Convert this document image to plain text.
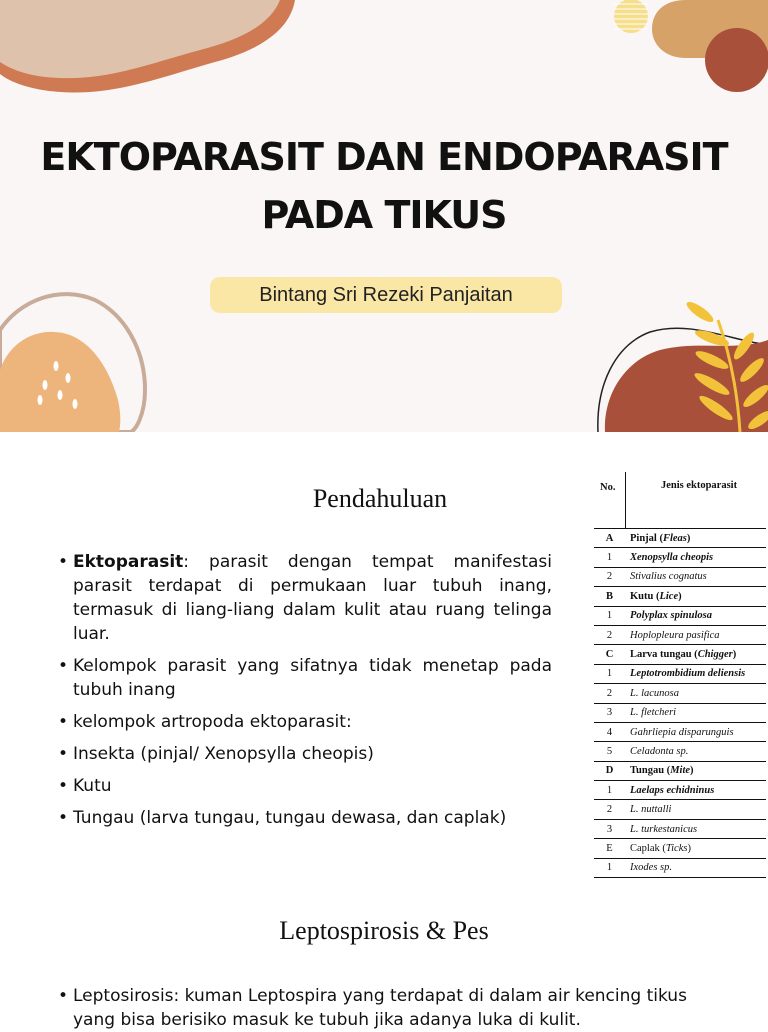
EKTOPARASIT DAN ENDOPARASIT
PADA TIKUS
Bintang Sri Rezeki Panjaitan
Pendahuluan
• Ektoparasit: parasit dengan tempat manifestasi parasit terdapat di permukaan luar tubuh inang, termasuk di liang-liang dalam kulit atau ruang telinga luar.
• Kelompok parasit yang sifatnya tidak menetap pada tubuh inang
• kelompok artropoda ektoparasit:
• Insekta (pinjal/ Xenopsylla cheopis)
• Kutu
• Tungau (larva tungau, tungau dewasa, dan caplak)
No.	Jenis ektoparasit
A	Pinjal (Fleas)
1	Xenopsylla cheopis
2	Stivalius cognatus
B	Kutu (Lice)
1	Polyplax spinulosa
2	Hoplopleura pasifica
C	Larva tungau (Chigger)
1	Leptotrombidium deliensis
2	L. lacunosa
3	L. fletcheri
4	Gahrliepia disparunguis
5	Celadonta sp.
D	Tungau (Mite)
1	Laelaps echidninus
2	L. nuttalli
3	L. turkestanicus
E	Caplak (Ticks)
1	Ixodes sp.
Leptospirosis & Pes
• Leptosirosis: kuman Leptospira yang terdapat di dalam air kencing tikus yang bisa berisiko masuk ke tubuh jika adanya luka di kulit.
